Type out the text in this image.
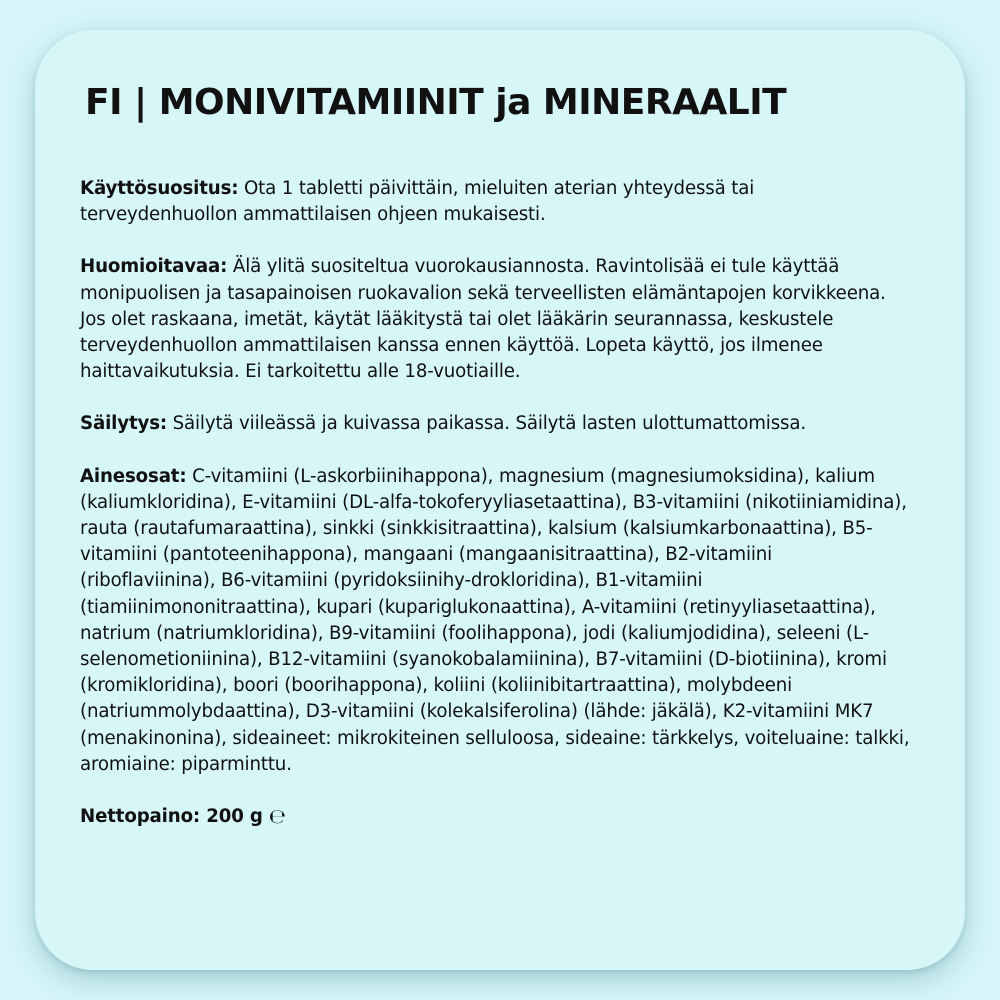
FI | MONIVITAMIINIT ja MINERAALIT

Käyttösuositus: Ota 1 tabletti päivittäin, mieluiten aterian yhteydessä tai terveydenhuollon ammattilaisen ohjeen mukaisesti.

Huomioitavaa: Älä ylitä suositeltua vuorokausiannosta. Ravintolisää ei tule käyttää monipuolisen ja tasapainoisen ruokavalion sekä terveellisten elämäntapojen korvikkeena. Jos olet raskaana, imetät, käytät lääkitystä tai olet lääkärin seurannassa, keskustele terveydenhuollon ammattilaisen kanssa ennen käyttöä. Lopeta käyttö, jos ilmenee haittavaikutuksia. Ei tarkoitettu alle 18-vuotiaille.

Säilytys: Säilytä viileässä ja kuivassa paikassa. Säilytä lasten ulottumattomissa.

Ainesosat: C-vitamiini (L-askorbiinihappona), magnesium (magnesiumoksidina), kalium (kaliumkloridina), E-vitamiini (DL-alfa-tokoferyyliasetaattina), B3-vitamiini (nikotiiniamidina), rauta (rautafumaraattina), sinkki (sinkkisitraattina), kalsium (kalsiumkarbonaattina), B5-vitamiini (pantoteenihappona), mangaani (mangaanisitraattina), B2-vitamiini (riboflaviinina), B6-vitamiini (pyridoksiinihy-drokloridina), B1-vitamiini (tiamiinimononitraattina), kupari (kupariglukonaattina), A-vitamiini (retinyyliasetaattina), natrium (natriumkloridina), B9-vitamiini (foolihappona), jodi (kaliumjodidina), seleeni (L-selenometioniinina), B12-vitamiini (syanokobalamiinina), B7-vitamiini (D-biotiinina), kromi (kromikloridina), boori (boorihappona), koliini (koliinibitartraattina), molybdeeni (natriummolybdaattina), D3-vitamiini (kolekalsiferolina) (lähde: jäkälä), K2-vitamiini MK7 (menakinonina), sideaineet: mikrokiteinen selluloosa, sideaine: tärkkelys, voiteluaine: talkki, aromiaine: piparminttu.

Nettopaino: 200 g ℮
